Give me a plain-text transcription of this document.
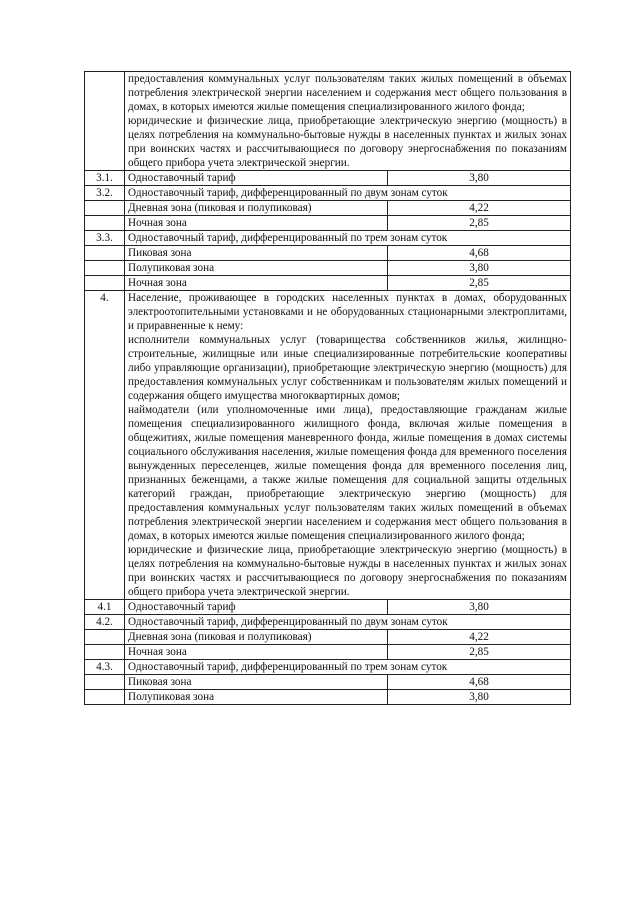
	предоставления коммунальных услуг пользователям таких жилых помещений в объемах потребления электрической энергии населением и содержания мест общего пользования в домах, в которых имеются жилые помещения специализированного жилого фонда;

юридические и физические лица, приобретающие электрическую энергию (мощность) в целях потребления на коммунально-бытовые нужды в населенных пунктах и жилых зонах при воинских частях и рассчитывающиеся по договору энергоснабжения по показаниям общего прибора учета электрической энергии.	

3.1.	Одноставочный тариф	3,80
3.2.	Одноставочный тариф, дифференцированный по двум зонам суток	
	Дневная зона (пиковая и полупиковая)	4,22
	Ночная зона	2,85
3.3.	Одноставочный тариф, дифференцированный по трем зонам суток	
	Пиковая зона	4,68
	Полупиковая зона	3,80
	Ночная зона	2,85
4.	Население, проживающее в городских населенных пунктах в домах, оборудованных электроотопительными установками и не оборудованных стационарными электроплитами, и приравненные к нему:

исполнители коммунальных услуг (товарищества собственников жилья, жилищно-строительные, жилищные или иные специализированные потребительские кооперативы либо управляющие организации), приобретающие электрическую энергию (мощность) для предоставления коммунальных услуг собственникам и пользователям жилых помещений и содержания общего имущества многоквартирных домов;

наймодатели (или уполномоченные ими лица), предоставляющие гражданам жилые помещения специализированного жилищного фонда, включая жилые помещения в общежитиях, жилые помещения маневренного фонда, жилые помещения в домах системы социального обслуживания населения, жилые помещения фонда для временного поселения вынужденных переселенцев, жилые помещения фонда для временного поселения лиц, признанных беженцами, а также жилые помещения для социальной защиты отдельных категорий граждан, приобретающие электрическую энергию (мощность) для предоставления коммунальных услуг пользователям таких жилых помещений в объемах потребления электрической энергии населением и содержания мест общего пользования в домах, в которых имеются жилые помещения специализированного жилого фонда;

юридические и физические лица, приобретающие электрическую энергию (мощность) в целях потребления на коммунально-бытовые нужды в населенных пунктах и жилых зонах при воинских частях и рассчитывающиеся по договору энергоснабжения по показаниям общего прибора учета электрической энергии.	

4.1	Одноставочный тариф	3,80
4.2.	Одноставочный тариф, дифференцированный по двум зонам суток	
	Дневная зона (пиковая и полупиковая)	4,22
	Ночная зона	2,85
4.3.	Одноставочный тариф, дифференцированный по трем зонам суток	
	Пиковая зона	4,68
	Полупиковая зона	3,80
